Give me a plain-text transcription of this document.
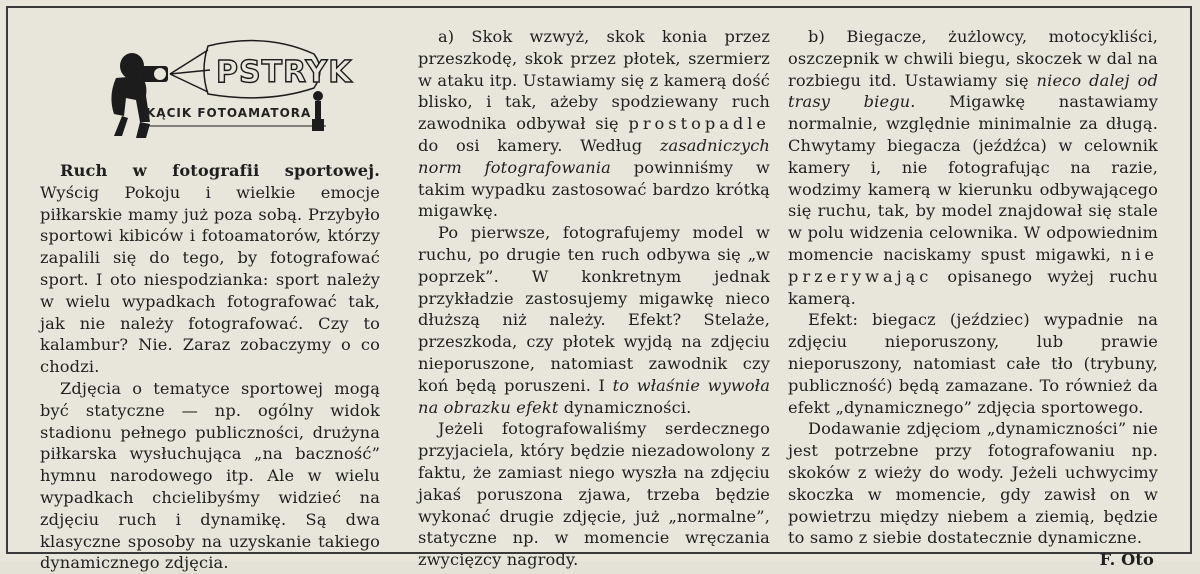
PSTRYK
KĄCIK FOTOAMATORA

Ruch w fotografii sportowej. Wyścig Pokoju i wielkie emocje piłkarskie mamy już poza sobą. Przybyło sportowi kibiców i fotoamatorów, którzy zapalili się do tego, by fotografować sport. I oto niespodzianka: sport należy w wielu wypadkach fotografować tak, jak nie należy fotografować. Czy to kalambur? Nie. Zaraz zobaczymy o co chodzi.

Zdjęcia o tematyce sportowej mogą być statyczne — np. ogólny widok stadionu pełnego publiczności, drużyna piłkarska wysłuchująca „na baczność” hymnu narodowego itp. Ale w wielu wypadkach chcielibyśmy widzieć na zdjęciu ruch i dynamikę. Są dwa klasyczne sposoby na uzyskanie takiego dynamicznego zdjęcia.

a) Skok wzwyż, skok konia przez przeszkodę, skok przez płotek, szermierz w ataku itp. Ustawiamy się z kamerą dość blisko, i tak, ażeby spodziewany ruch zawodnika odbywał się prostopadle do osi kamery. Według zasadniczych norm fotografowania powinniśmy w takim wypadku zastosować bardzo krótką migawkę.

Po pierwsze, fotografujemy model w ruchu, po drugie ten ruch odbywa się „w poprzek”. W konkretnym jednak przykładzie zastosujemy migawkę nieco dłuższą niż należy. Efekt? Stelaże, przeszkoda, czy płotek wyjdą na zdjęciu nieporuszone, natomiast zawodnik czy koń będą poruszeni. I to właśnie wywoła na obrazku efekt dynamiczności.

Jeżeli fotografowaliśmy serdecznego przyjaciela, który będzie niezadowolony z faktu, że zamiast niego wyszła na zdjęciu jakaś poruszona zjawa, trzeba będzie wykonać drugie zdjęcie, już „normalne”, statyczne np. w momencie wręczania zwycięzcy nagrody.

b) Biegacze, żużlowcy, motocykliści, oszczepnik w chwili biegu, skoczek w dal na rozbiegu itd. Ustawiamy się nieco dalej od trasy biegu. Migawkę nastawiamy normalnie, względnie minimalnie za długą. Chwytamy biegacza (jeźdźca) w celownik kamery i, nie fotografując na razie, wodzimy kamerą w kierunku odbywającego się ruchu, tak, by model znajdował się stale w polu widzenia celownika. W odpowiednim momencie naciskamy spust migawki, nie przerywając opisanego wyżej ruchu kamerą.

Efekt: biegacz (jeździec) wypadnie na zdjęciu nieporuszony, lub prawie nieporuszony, natomiast całe tło (trybuny, publiczność) będą zamazane. To również da efekt „dynamicznego” zdjęcia sportowego.

Dodawanie zdjęciom „dynamiczności” nie jest potrzebne przy fotografowaniu np. skoków z wieży do wody. Jeżeli uchwycimy skoczka w momencie, gdy zawisł on w powietrzu między niebem a ziemią, będzie to samo z siebie dostatecznie dynamiczne.

F. Oto
